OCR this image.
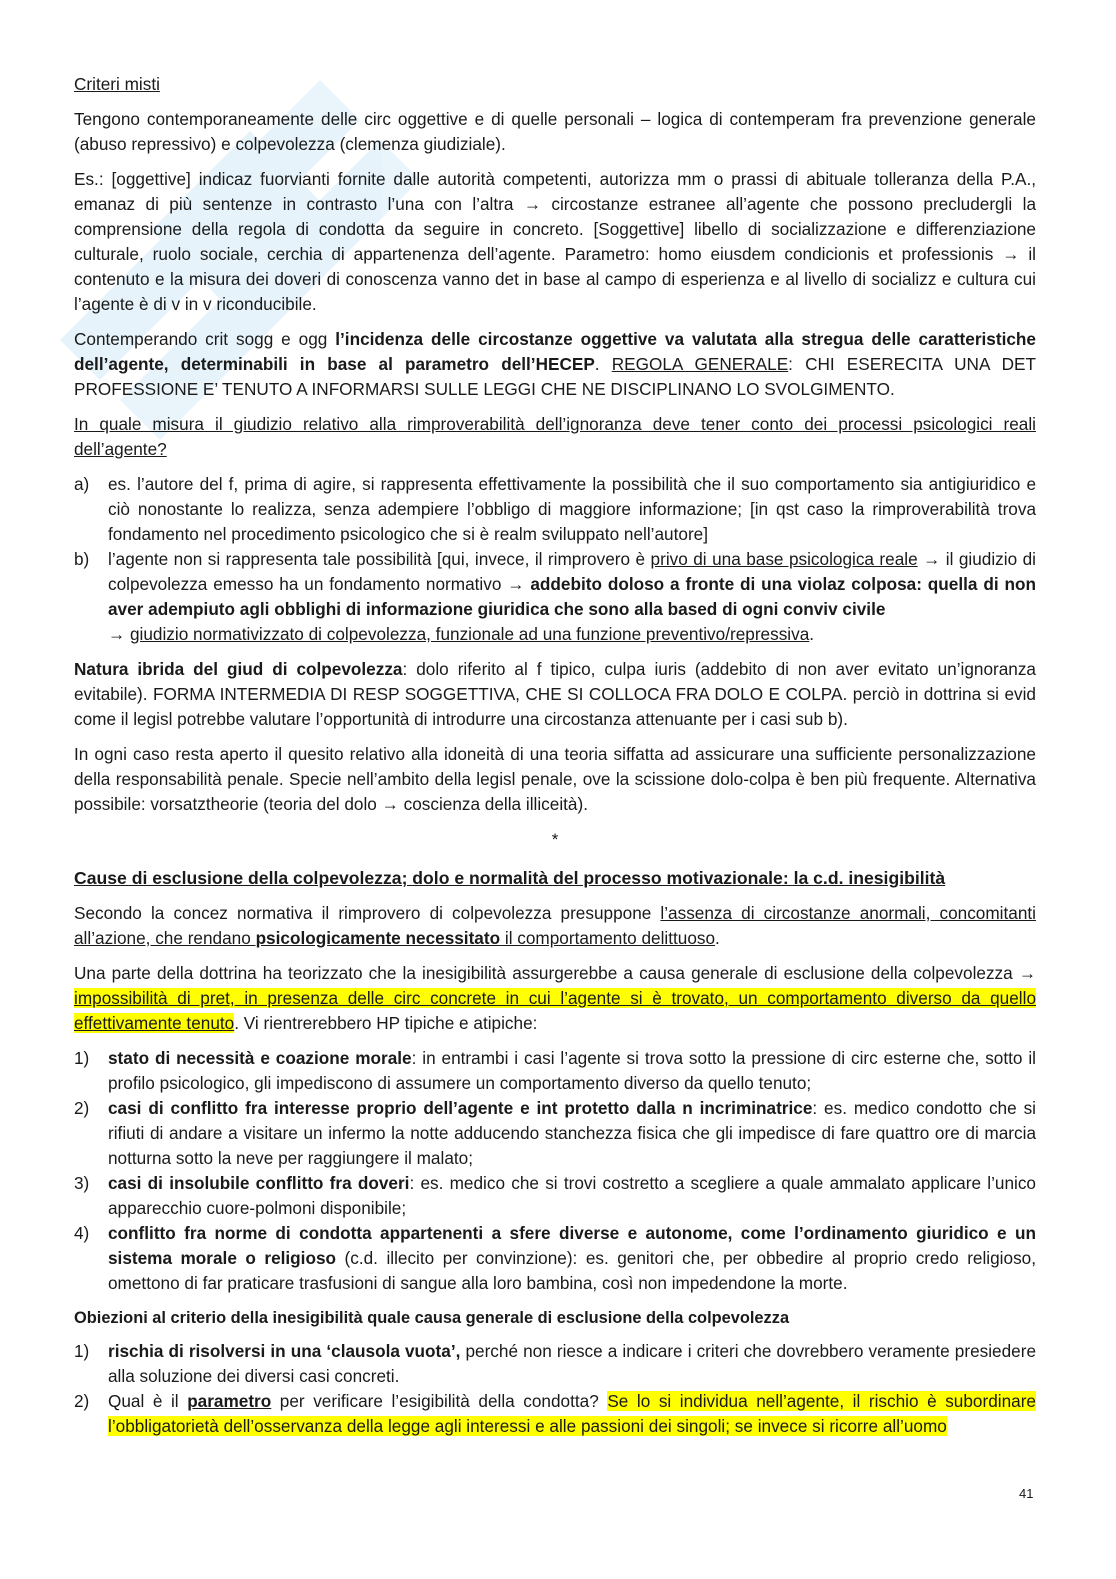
Criteri misti

Tengono contemporaneamente delle circ oggettive e di quelle personali – logica di contemperam fra prevenzione generale (abuso repressivo) e colpevolezza (clemenza giudiziale).

Es.: [oggettive] indicaz fuorvianti fornite dalle autorità competenti, autorizza mm o prassi di abituale tolleranza della P.A., emanaz di più sentenze in contrasto l’una con l’altra → circostanze estranee all’agente che possono precludergli la comprensione della regola di condotta da seguire in concreto. [Soggettive] libello di socializzazione e differenziazione culturale, ruolo sociale, cerchia di appartenenza dell’agente. Parametro: homo eiusdem condicionis et professionis → il contenuto e la misura dei doveri di conoscenza vanno det in base al campo di esperienza e al livello di socializz e cultura cui l’agente è di v in v riconducibile.

Contemperando crit sogg e ogg l’incidenza delle circostanze oggettive va valutata alla stregua delle caratteristiche dell’agente, determinabili in base al parametro dell’HECEP. REGOLA GENERALE: CHI ESERECITA UNA DET PROFESSIONE E’ TENUTO A INFORMARSI SULLE LEGGI CHE NE DISCIPLINANO LO SVOLGIMENTO.

In quale misura il giudizio relativo alla rimproverabilità dell’ignoranza deve tener conto dei processi psicologici reali dell’agente?

a) es. l’autore del f, prima di agire, si rappresenta effettivamente la possibilità che il suo comportamento sia antigiuridico e ciò nonostante lo realizza, senza adempiere l’obbligo di maggiore informazione; [in qst caso la rimproverabilità trova fondamento nel procedimento psicologico che si è realm sviluppato nell’autore]
b) l’agente non si rappresenta tale possibilità [qui, invece, il rimprovero è privo di una base psicologica reale → il giudizio di colpevolezza emesso ha un fondamento normativo → addebito doloso a fronte di una violaz colposa: quella di non aver adempiuto agli obblighi di informazione giuridica che sono alla based di ogni conviv civile
→ giudizio normativizzato di colpevolezza, funzionale ad una funzione preventivo/repressiva.

Natura ibrida del giud di colpevolezza: dolo riferito al f tipico, culpa iuris (addebito di non aver evitato un’ignoranza evitabile). FORMA INTERMEDIA DI RESP SOGGETTIVA, CHE SI COLLOCA FRA DOLO E COLPA. perciò in dottrina si evid come il legisl potrebbe valutare l’opportunità di introdurre una circostanza attenuante per i casi sub b).

In ogni caso resta aperto il quesito relativo alla idoneità di una teoria siffatta ad assicurare una sufficiente personalizzazione della responsabilità penale. Specie nell’ambito della legisl penale, ove la scissione dolo-colpa è ben più frequente. Alternativa possibile: vorsatztheorie (teoria del dolo → coscienza della illiceità).

*
Cause di esclusione della colpevolezza; dolo e normalità del processo motivazionale: la c.d. inesigibilità

Secondo la concez normativa il rimprovero di colpevolezza presuppone l’assenza di circostanze anormali, concomitanti all’azione, che rendano psicologicamente necessitato il comportamento delittuoso.

Una parte della dottrina ha teorizzato che la inesigibilità assurgerebbe a causa generale di esclusione della colpevolezza → impossibilità di pret, in presenza delle circ concrete in cui l’agente si è trovato, un comportamento diverso da quello effettivamente tenuto. Vi rientrerebbero HP tipiche e atipiche:

1) stato di necessità e coazione morale: in entrambi i casi l’agente si trova sotto la pressione di circ esterne che, sotto il profilo psicologico, gli impediscono di assumere un comportamento diverso da quello tenuto;
2) casi di conflitto fra interesse proprio dell’agente e int protetto dalla n incriminatrice: es. medico condotto che si rifiuti di andare a visitare un infermo la notte adducendo stanchezza fisica che gli impedisce di fare quattro ore di marcia notturna sotto la neve per raggiungere il malato;
3) casi di insolubile conflitto fra doveri: es. medico che si trovi costretto a scegliere a quale ammalato applicare l’unico apparecchio cuore-polmoni disponibile;
4) conflitto fra norme di condotta appartenenti a sfere diverse e autonome, come l’ordinamento giuridico e un sistema morale o religioso (c.d. illecito per convinzione): es. genitori che, per obbedire al proprio credo religioso, omettono di far praticare trasfusioni di sangue alla loro bambina, così non impedendone la morte.
Obiezioni al criterio della inesigibilità quale causa generale di esclusione della colpevolezza
1) rischia di risolversi in una ‘clausola vuota’, perché non riesce a indicare i criteri che dovrebbero veramente presiedere alla soluzione dei diversi casi concreti.
2) Qual è il parametro per verificare l’esigibilità della condotta? Se lo si individua nell’agente, il rischio è subordinare l’obbligatorietà dell’osservanza della legge agli interessi e alle passioni dei singoli; se invece si ricorre all’uomo
41
